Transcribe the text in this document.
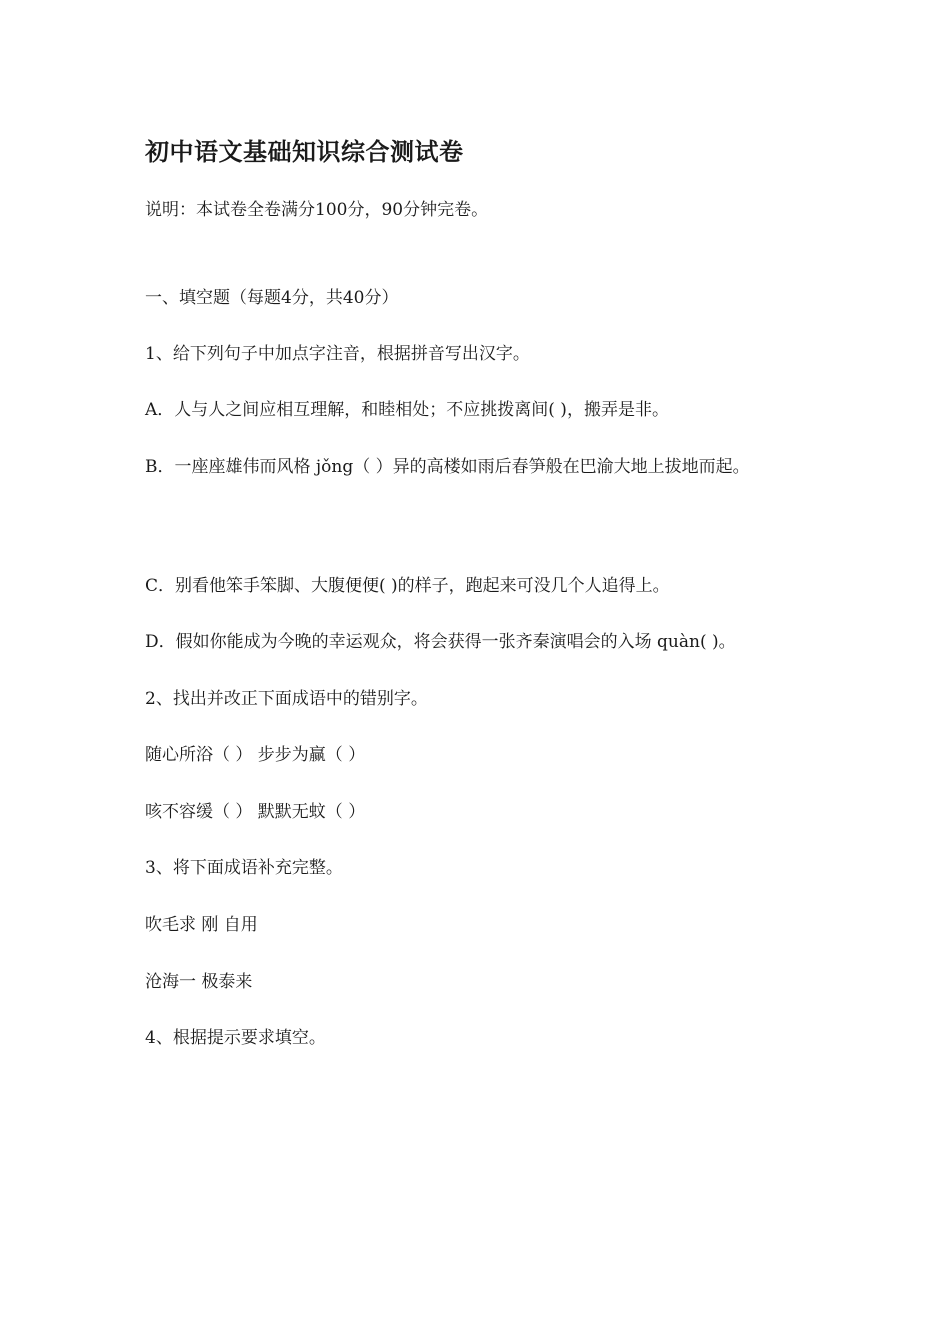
初中语文基础知识综合测试卷
说明：本试卷全卷满分100分，90分钟完卷。
一、填空题（每题4分，共40分）
1、给下列句子中加点字注音，根据拼音写出汉字。
A．人与人之间应相互理解，和睦相处；不应挑拨离间( )，搬弄是非。
B．一座座雄伟而风格 jǒng（ ）异的高楼如雨后春笋般在巴渝大地上拔地而起。
C．别看他笨手笨脚、大腹便便( )的样子，跑起来可没几个人追得上。
D．假如你能成为今晚的幸运观众，将会获得一张齐秦演唱会的入场 quàn( )。
2、找出并改正下面成语中的错别字。
随心所浴（ ） 步步为赢（ ）
咳不容缓（ ） 默默无蚊（ ）
3、将下面成语补充完整。
吹毛求 刚 自用
沧海一 极泰来
4、根据提示要求填空。
